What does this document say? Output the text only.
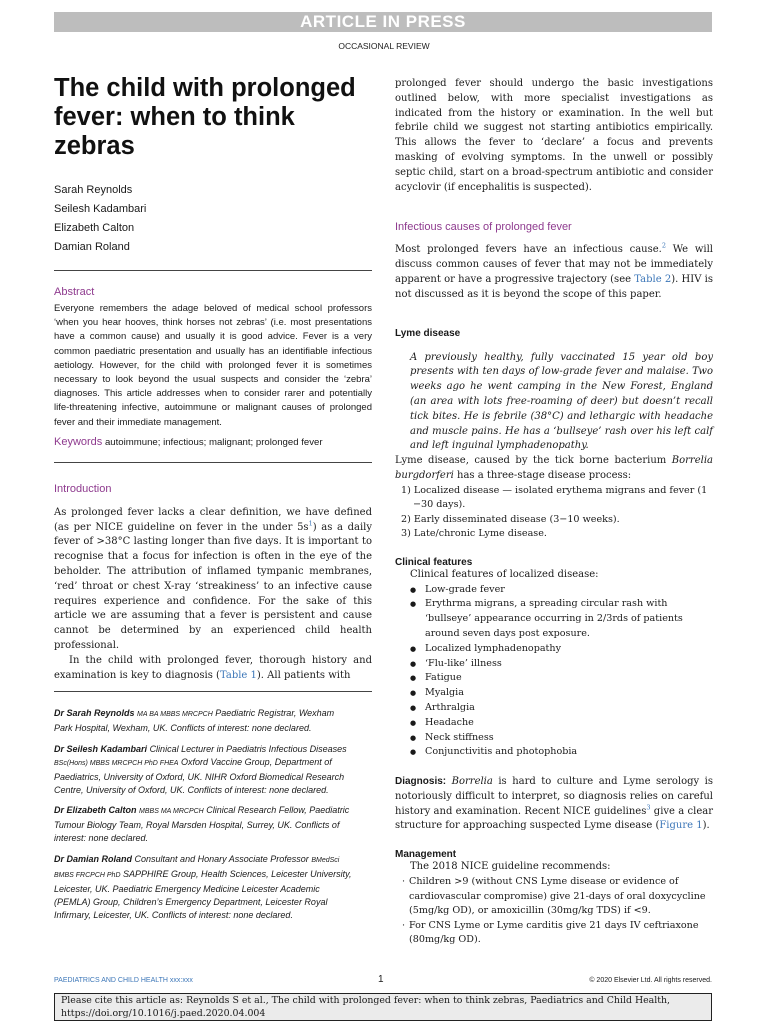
ARTICLE IN PRESS
OCCASIONAL REVIEW
The child with prolonged fever: when to think zebras
Sarah Reynolds
Seilesh Kadambari
Elizabeth Calton
Damian Roland
Abstract
Everyone remembers the adage beloved of medical school professors ‘when you hear hooves, think horses not zebras’ (i.e. most presentations have a common cause) and usually it is good advice. Fever is a very common paediatric presentation and usually has an identifiable infectious aetiology. However, for the child with prolonged fever it is sometimes necessary to look beyond the usual suspects and consider the ‘zebra’ diagnoses. This article addresses when to consider rarer and potentially life-threatening infective, autoimmune or malignant causes of prolonged fever and their immediate management.
Keywords autoimmune; infectious; malignant; prolonged fever
Introduction
As prolonged fever lacks a clear definition, we have defined (as per NICE guideline on fever in the under $5s^1$) as a daily fever of >38°C lasting longer than five days. It is important to recognise that a focus for infection is often in the eye of the beholder. The attribution of inflamed tympanic membranes, ‘red’ throat or chest X-ray ‘streakiness’ to an infective cause requires experience and confidence. For the sake of this article we are assuming that a fever is persistent and cause cannot be determined by an experienced child health professional.
In the child with prolonged fever, thorough history and examination is key to diagnosis (Table 1). All patients with

Dr Sarah Reynolds MA BA MBBS MRCPCH Paediatric Registrar, Wexham Park Hospital, Wexham, UK. Conflicts of interest: none declared.

Dr Seilesh Kadambari Clinical Lecturer in Paediatris Infectious Diseases BSc(Hons) MBBS MRCPCH PhD FHEA Oxford Vaccine Group, Department of Paediatrics, University of Oxford, UK. NIHR Oxford Biomedical Research Centre, University of Oxford, UK. Conflicts of interest: none declared.

Dr Elizabeth Calton MBBS MA MRCPCH Clinical Research Fellow, Paediatric Tumour Biology Team, Royal Marsden Hospital, Surrey, UK. Conflicts of interest: none declared.

Dr Damian Roland Consultant and Honary Associate Professor BMedSci BMBS FRCPCH PhD SAPPHIRE Group, Health Sciences, Leicester University, Leicester, UK. Paediatric Emergency Medicine Leicester Academic (PEMLA) Group, Children’s Emergency Department, Leicester Royal Infirmary, Leicester, UK. Conflicts of interest: none declared.

prolonged fever should undergo the basic investigations outlined below, with more specialist investigations as indicated from the history or examination. In the well but febrile child we suggest not starting antibiotics empirically. This allows the fever to ‘declare’ a focus and prevents masking of evolving symptoms. In the unwell or possibly septic child, start on a broad-spectrum antibiotic and consider acyclovir (if encephalitis is suspected).
Infectious causes of prolonged fever
Most prolonged fevers have an infectious cause.$^2$ We will discuss common causes of fever that may not be immediately apparent or have a progressive trajectory (see Table 2). HIV is not discussed as it is beyond the scope of this paper.
Lyme disease
A previously healthy, fully vaccinated 15 year old boy presents with ten days of low-grade fever and malaise. Two weeks ago he went camping in the New Forest, England (an area with lots free-roaming of deer) but doesn’t recall tick bites. He is febrile (38°C) and lethargic with headache and muscle pains. He has a ‘bullseye’ rash over his left calf and left inguinal lymphadenopathy.
Lyme disease, caused by the tick borne bacterium Borrelia burgdorferi has a three-stage disease process:
1) Localized disease — isolated erythema migrans and fever (1 −30 days).
2) Early disseminated disease (3−10 weeks).
3) Late/chronic Lyme disease.
Clinical features
Clinical features of localized disease:
● Low-grade fever
● Erythrma migrans, a spreading circular rash with ‘bullseye’ appearance occurring in 2/3rds of patients around seven days post exposure.
● Localized lymphadenopathy
● ‘Flu-like’ illness
● Fatigue
● Myalgia
● Arthralgia
● Headache
● Neck stiffness
● Conjunctivitis and photophobia
Diagnosis: Borrelia is hard to culture and Lyme serology is notoriously difficult to interpret, so diagnosis relies on careful history and examination. Recent NICE guidelines$^3$ give a clear structure for approaching suspected Lyme disease (Figure 1).
Management
The 2018 NICE guideline recommends:
· Children >9 (without CNS Lyme disease or evidence of cardiovascular compromise) give 21-days of oral doxycycline (5mg/kg OD), or amoxicillin (30mg/kg TDS) if <9.
· For CNS Lyme or Lyme carditis give 21 days IV ceftriaxone (80mg/kg OD).
PAEDIATRICS AND CHILD HEALTH xxx:xxx	1	© 2020 Elsevier Ltd. All rights reserved.
Please cite this article as: Reynolds S et al., The child with prolonged fever: when to think zebras, Paediatrics and Child Health, https://doi.org/10.1016/j.paed.2020.04.004
